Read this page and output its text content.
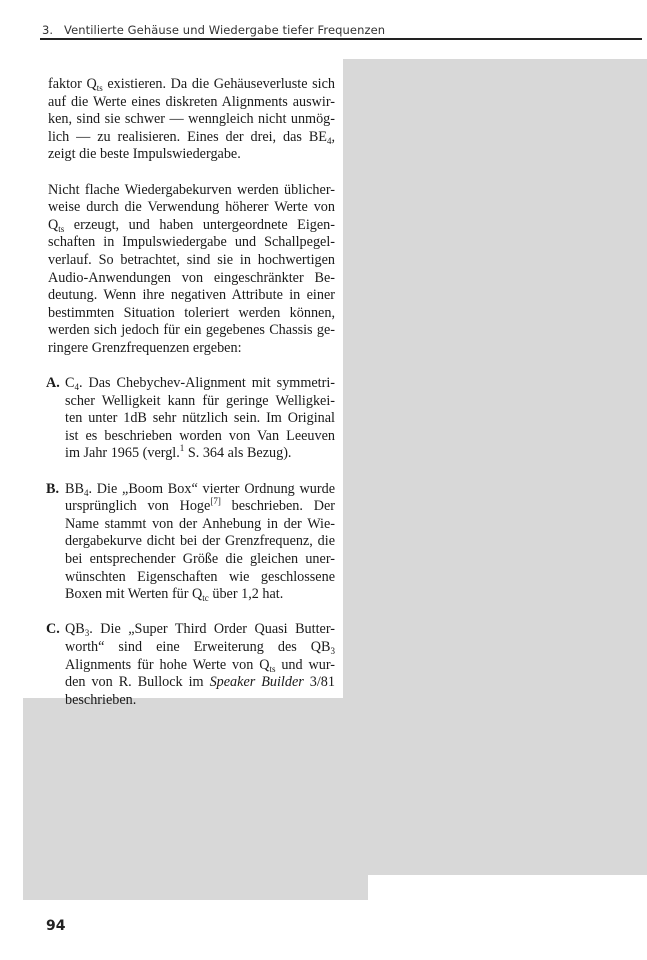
3. Ventilierte Gehäuse und Wiedergabe tiefer Frequenzen
faktor $Q_{ts}$ existieren. Da die Gehäuseverluste sich
auf die Werte eines diskreten Alignments auswir-
ken, sind sie schwer — wenngleich nicht unmög-
lich — zu realisieren. Eines der drei, das $BE_4$,
zeigt die beste Impulswiedergabe.
Nicht flache Wiedergabekurven werden üblicher-
weise durch die Verwendung höherer Werte von
$Q_{ts}$ erzeugt, und haben untergeordnete Eigen-
schaften in Impulswiedergabe und Schallpegel-
verlauf. So betrachtet, sind sie in hochwertigen
Audio-Anwendungen von eingeschränkter Be-
deutung. Wenn ihre negativen Attribute in einer
bestimmten Situation toleriert werden können,
werden sich jedoch für ein gegebenes Chassis ge-
ringere Grenzfrequenzen ergeben:
A. $C_4$. Das Chebychev-Alignment mit symmetri-
scher Welligkeit kann für geringe Welligkei-
ten unter 1dB sehr nützlich sein. Im Original
ist es beschrieben worden von Van Leeuven
im Jahr 1965 (vergl.$^1$ S. 364 als Bezug).
B. $BB_4$. Die „Boom Box“ vierter Ordnung wurde
ursprünglich von Hoge[7] beschrieben. Der
Name stammt von der Anhebung in der Wie-
dergabekurve dicht bei der Grenzfrequenz, die
bei entsprechender Größe die gleichen uner-
wünschten Eigenschaften wie geschlossene
Boxen mit Werten für $Q_{tc}$ über 1,2 hat.
C. $QB_3$. Die „Super Third Order Quasi Butter-
worth“ sind eine Erweiterung des $QB_3$
Alignments für hohe Werte von $Q_{ts}$ und wur-
den von R. Bullock im Speaker Builder 3/81
beschrieben.
94
